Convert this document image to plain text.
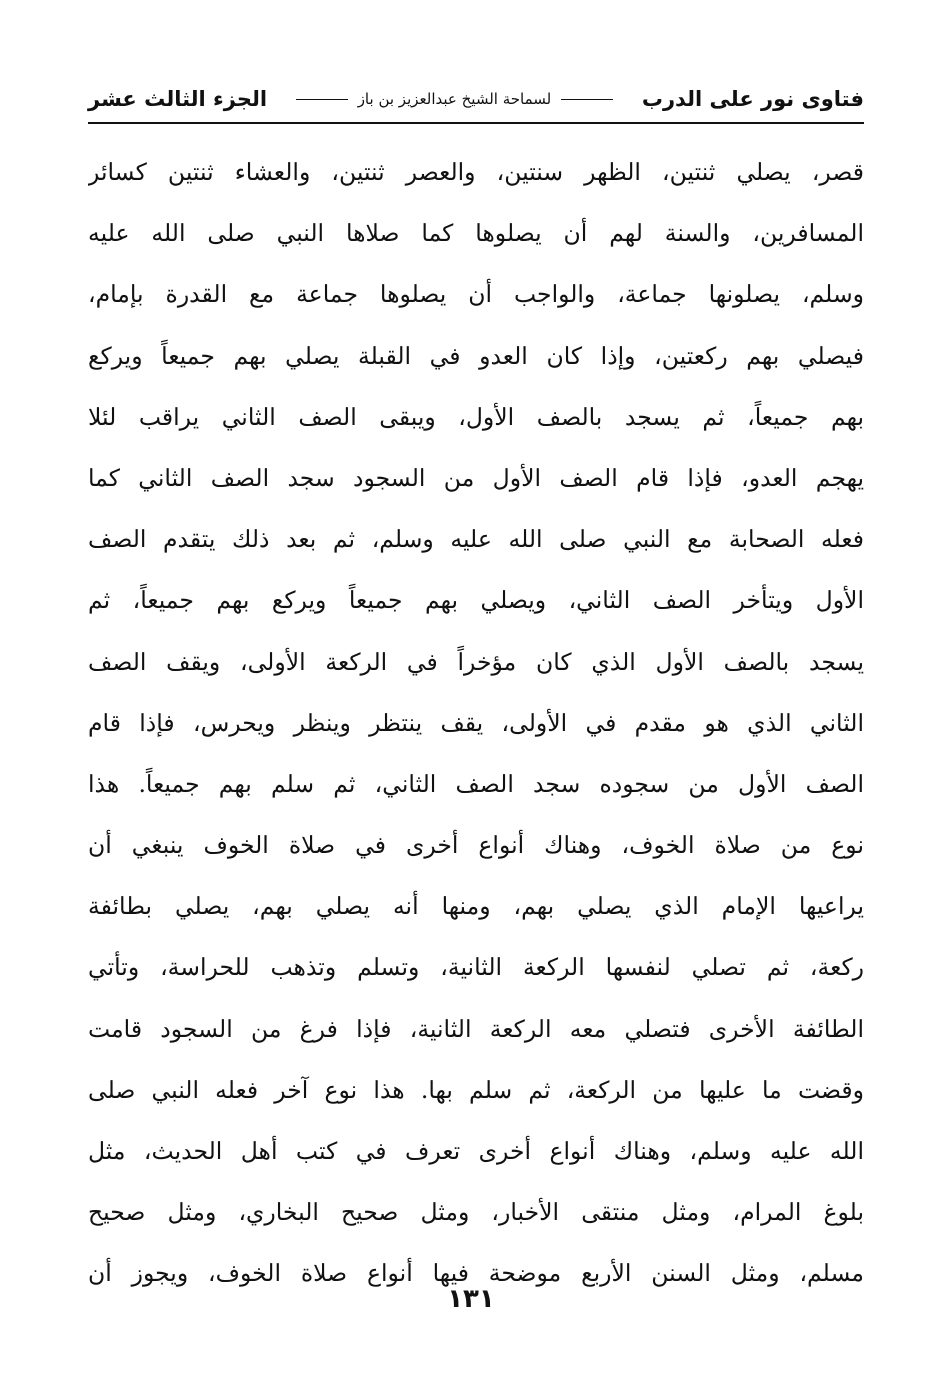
فتاوى نور على الدرب
لسماحة الشيخ عبدالعزيز بن باز
الجزء الثالث عشر
قصر، يصلي ثنتين، الظهر سنتين، والعصر ثنتين، والعشاء ثنتين كسائر
المسافرين، والسنة لهم أن يصلوها كما صلاها النبي صلى الله عليه
وسلم، يصلونها جماعة، والواجب أن يصلوها جماعة مع القدرة بإمام،
فيصلي بهم ركعتين، وإذا كان العدو في القبلة يصلي بهم جميعاً ويركع
بهم جميعاً، ثم يسجد بالصف الأول، ويبقى الصف الثاني يراقب لئلا
يهجم العدو، فإذا قام الصف الأول من السجود سجد الصف الثاني كما
فعله الصحابة مع النبي صلى الله عليه وسلم، ثم بعد ذلك يتقدم الصف
الأول ويتأخر الصف الثاني، ويصلي بهم جميعاً ويركع بهم جميعاً، ثم
يسجد بالصف الأول الذي كان مؤخراً في الركعة الأولى، ويقف الصف
الثاني الذي هو مقدم في الأولى، يقف ينتظر وينظر ويحرس، فإذا قام
الصف الأول من سجوده سجد الصف الثاني، ثم سلم بهم جميعاً. هذا
نوع من صلاة الخوف، وهناك أنواع أخرى في صلاة الخوف ينبغي أن
يراعيها الإمام الذي يصلي بهم، ومنها أنه يصلي بهم، يصلي بطائفة
ركعة، ثم تصلي لنفسها الركعة الثانية، وتسلم وتذهب للحراسة، وتأتي
الطائفة الأخرى فتصلي معه الركعة الثانية، فإذا فرغ من السجود قامت
وقضت ما عليها من الركعة، ثم سلم بها. هذا نوع آخر فعله النبي صلى
الله عليه وسلم، وهناك أنواع أخرى تعرف في كتب أهل الحديث، مثل
بلوغ المرام، ومثل منتقى الأخبار، ومثل صحيح البخاري، ومثل صحيح
مسلم، ومثل السنن الأربع موضحة فيها أنواع صلاة الخوف، ويجوز أن
١٣١
